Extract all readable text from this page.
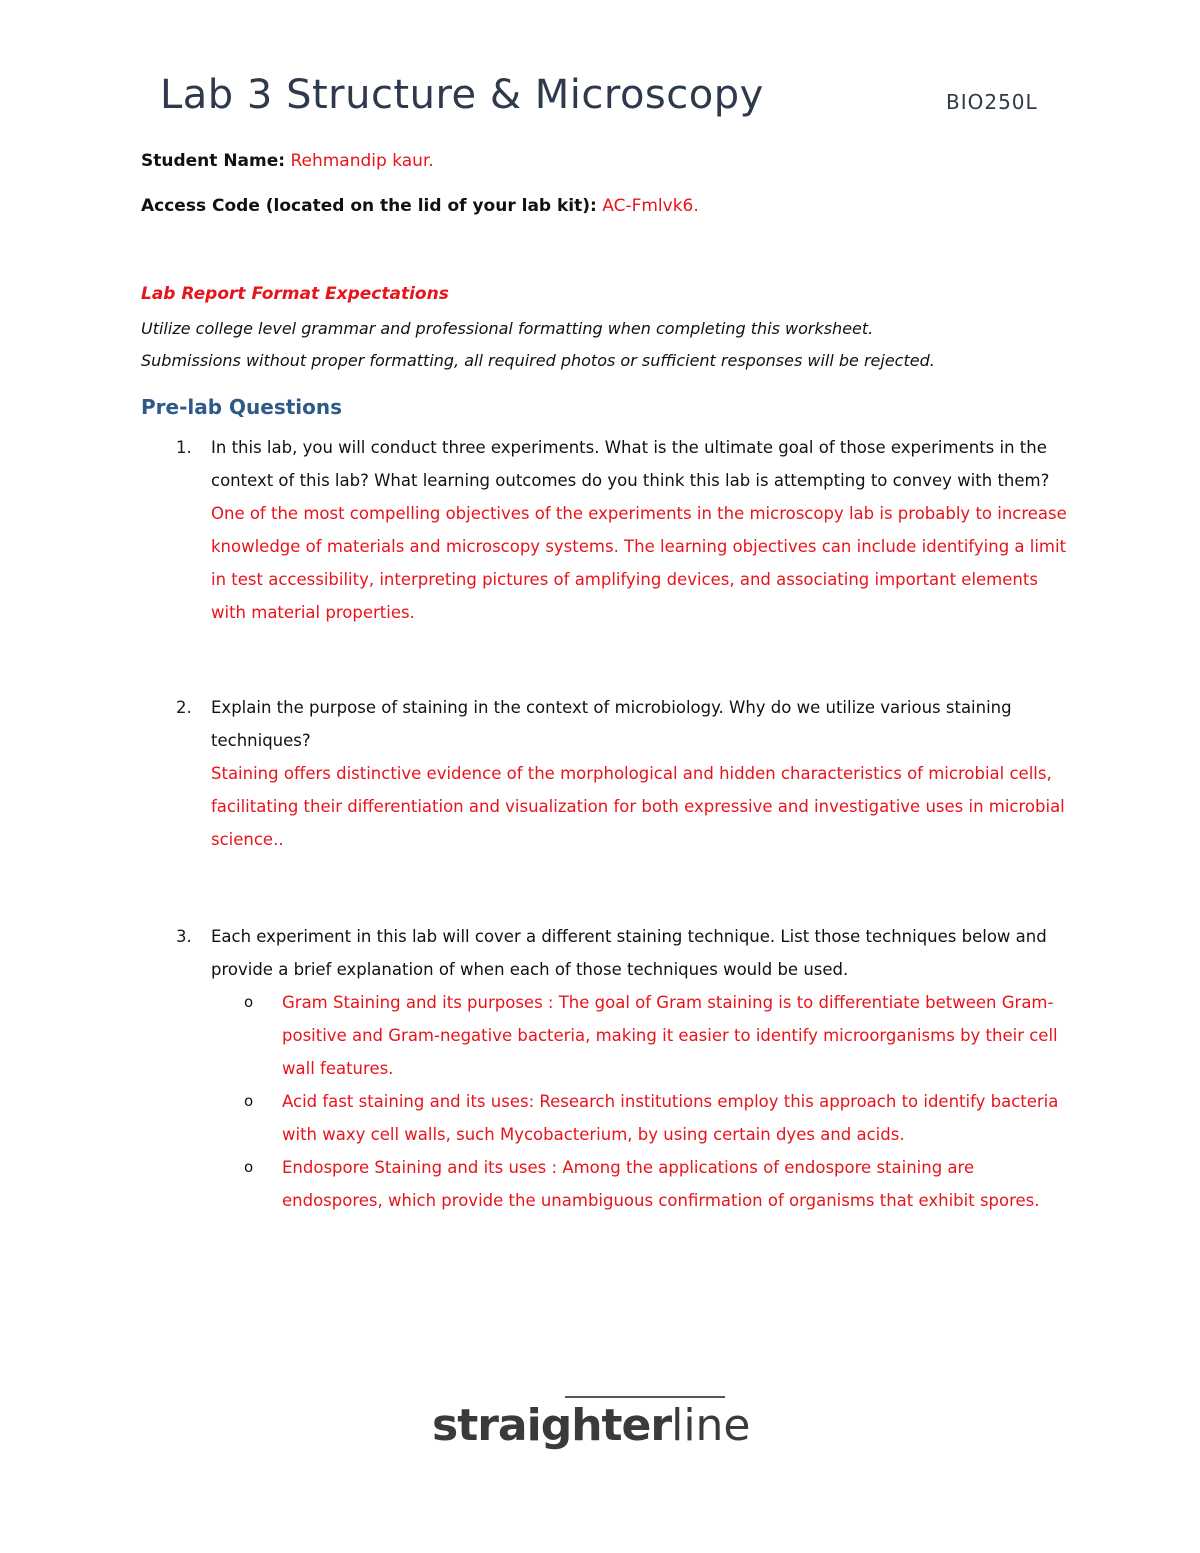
Lab 3 Structure & Microscopy	BIO250L
Student Name: Rehmandip kaur.
Access Code (located on the lid of your lab kit): AC-Fmlvk6.
Lab Report Format Expectations

Utilize college level grammar and professional formatting when completing this worksheet.

Submissions without proper formatting, all required photos or sufficient responses will be rejected.

Pre-lab Questions
1.	In this lab, you will conduct three experiments. What is the ultimate goal of those experiments in the context of this lab? What learning outcomes do you think this lab is attempting to convey with them?
One of the most compelling objectives of the experiments in the microscopy lab is probably to increase knowledge of materials and microscopy systems. The learning objectives can include identifying a limit in test accessibility, interpreting pictures of amplifying devices, and associating important elements with material properties.
2.	Explain the purpose of staining in the context of microbiology. Why do we utilize various staining techniques?
Staining offers distinctive evidence of the morphological and hidden characteristics of microbial cells, facilitating their differentiation and visualization for both expressive and investigative uses in microbial science..
3.	Each experiment in this lab will cover a different staining technique. List those techniques below and provide a brief explanation of when each of those techniques would be used.
o Gram Staining and its purposes : The goal of Gram staining is to differentiate between Gram-positive and Gram-negative bacteria, making it easier to identify microorganisms by their cell wall features.
o Acid fast staining and its uses: Research institutions employ this approach to identify bacteria with waxy cell walls, such Mycobacterium, by using certain dyes and acids.
o Endospore Staining and its uses : Among the applications of endospore staining are endospores, which provide the unambiguous confirmation of organisms that exhibit spores.
straighterline
